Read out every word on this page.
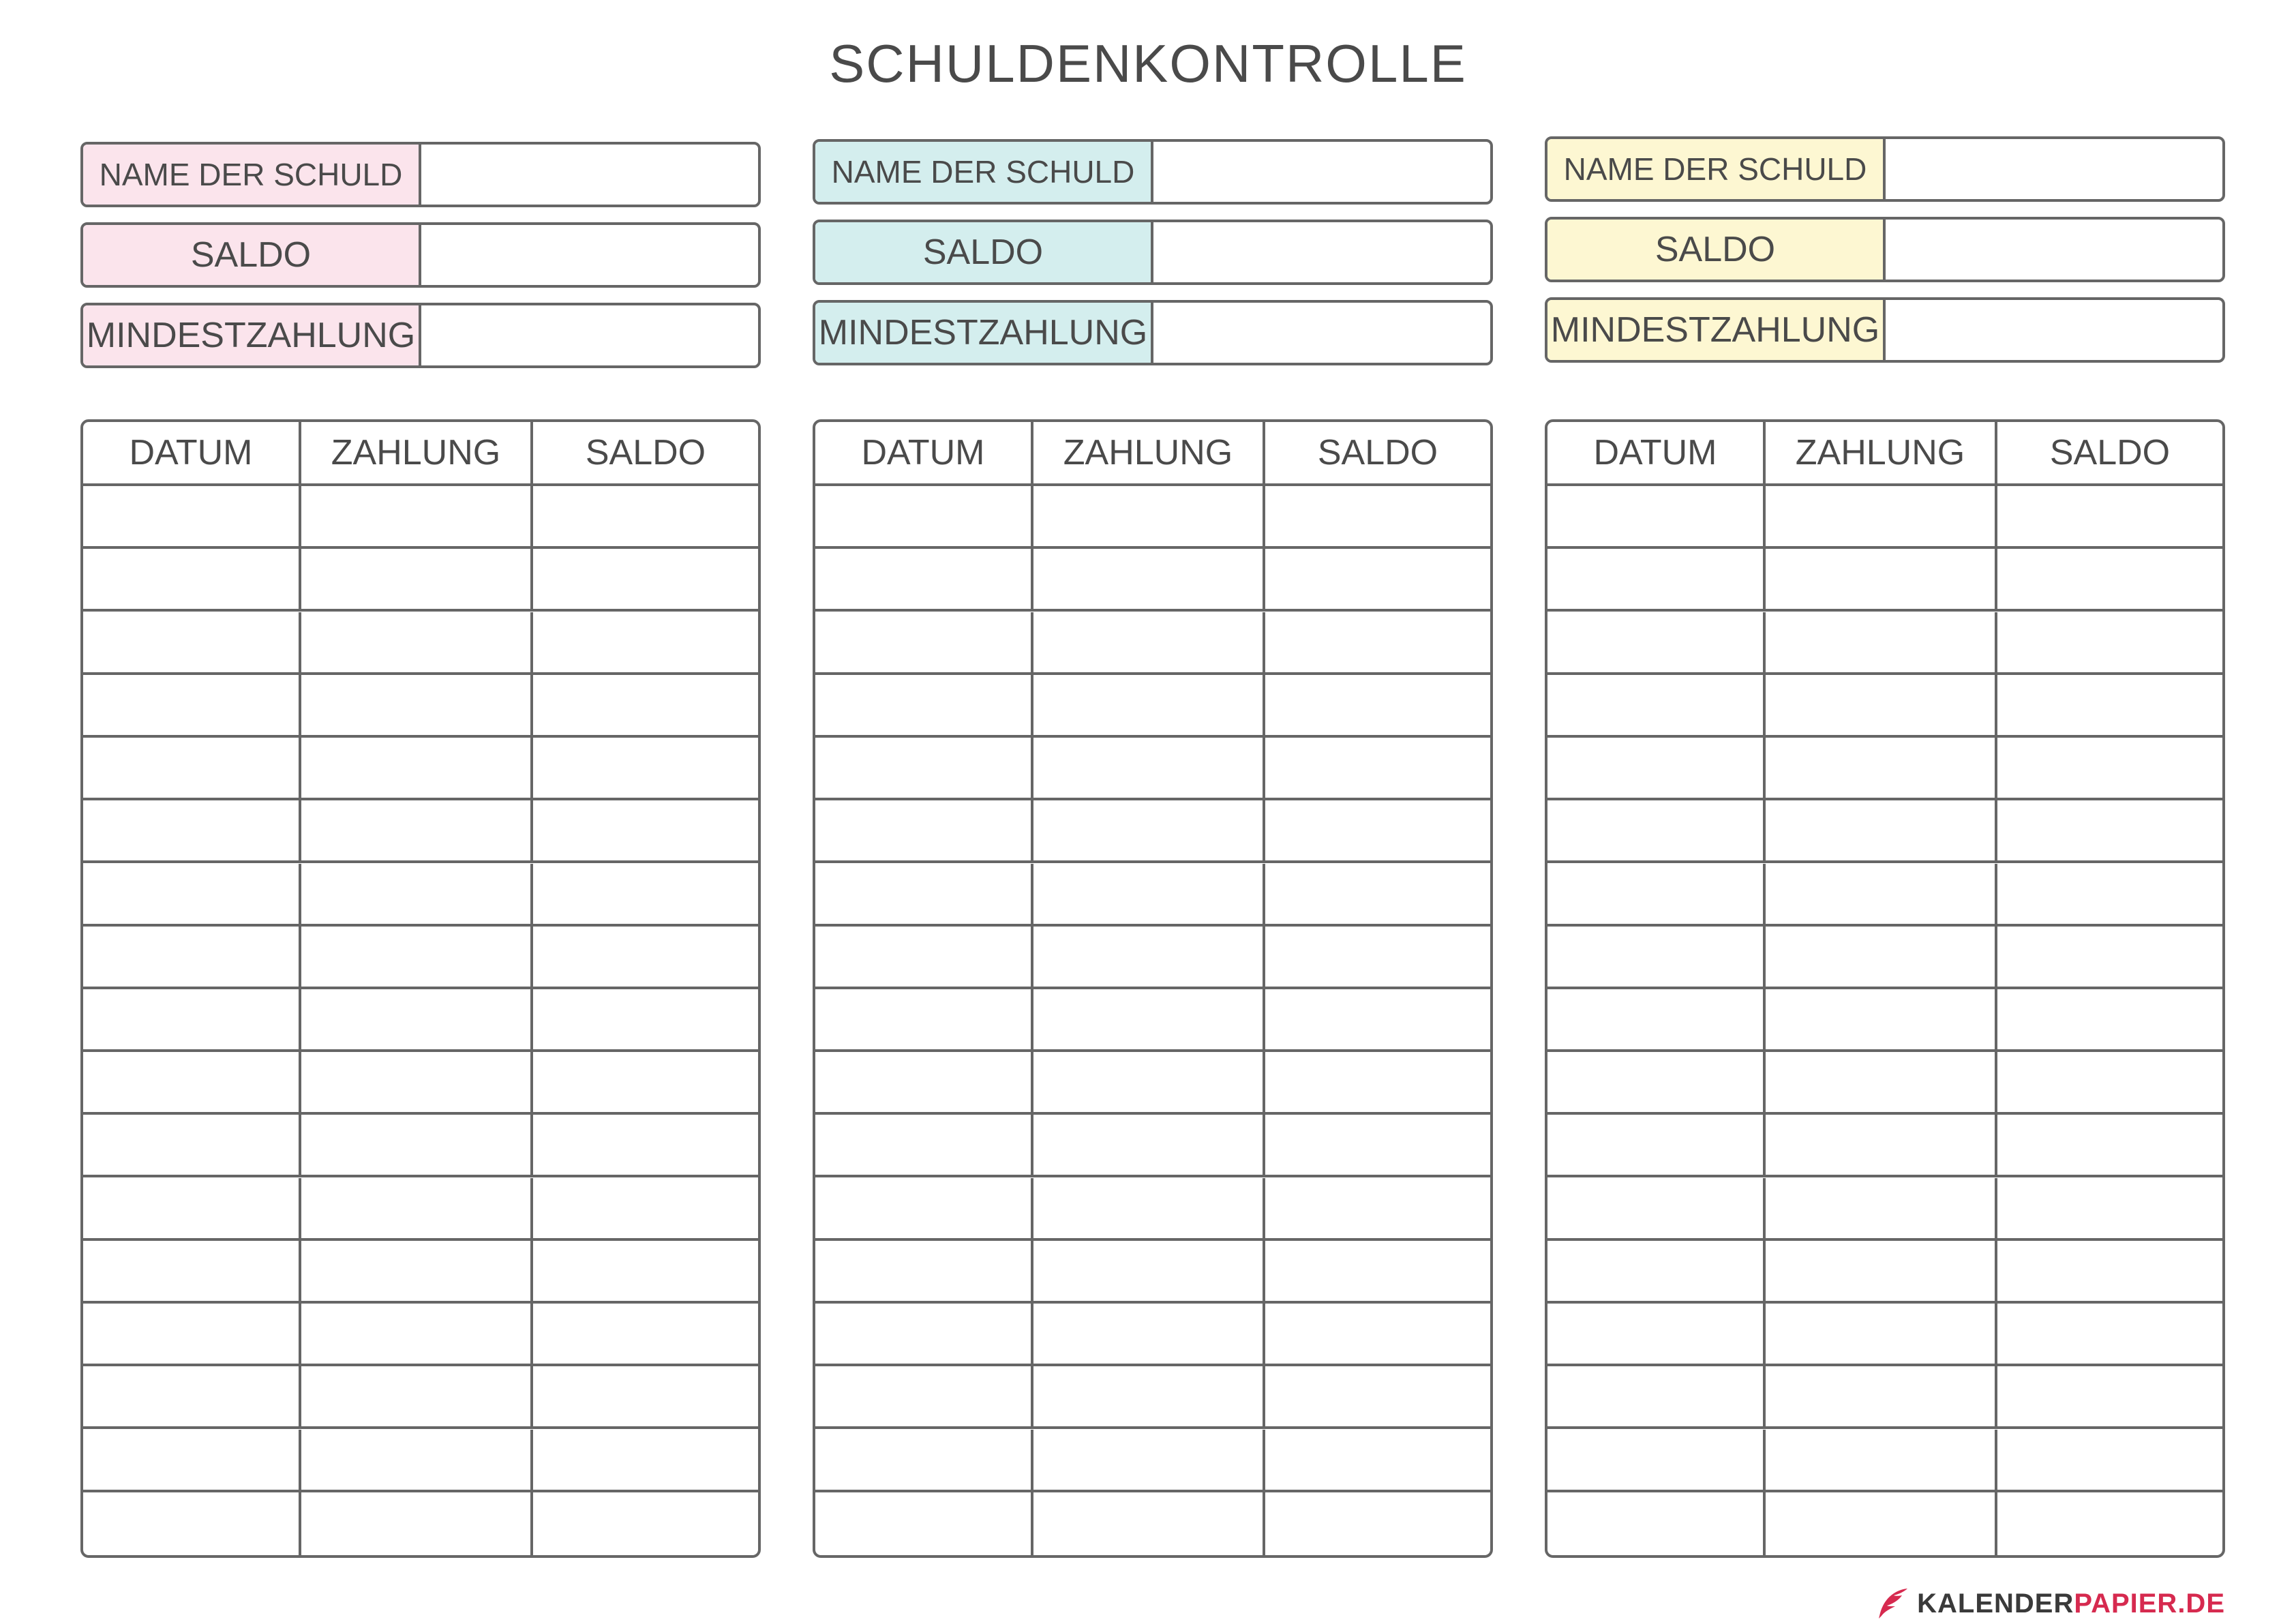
SCHULDENKONTROLLE
NAME DER SCHULD
SALDO
MINDESTZAHLUNG
DATUM	ZAHLUNG	SALDO
NAME DER SCHULD
SALDO
MINDESTZAHLUNG
DATUM	ZAHLUNG	SALDO
NAME DER SCHULD
SALDO
MINDESTZAHLUNG
DATUM	ZAHLUNG	SALDO
KALENDER PAPIER.DE
